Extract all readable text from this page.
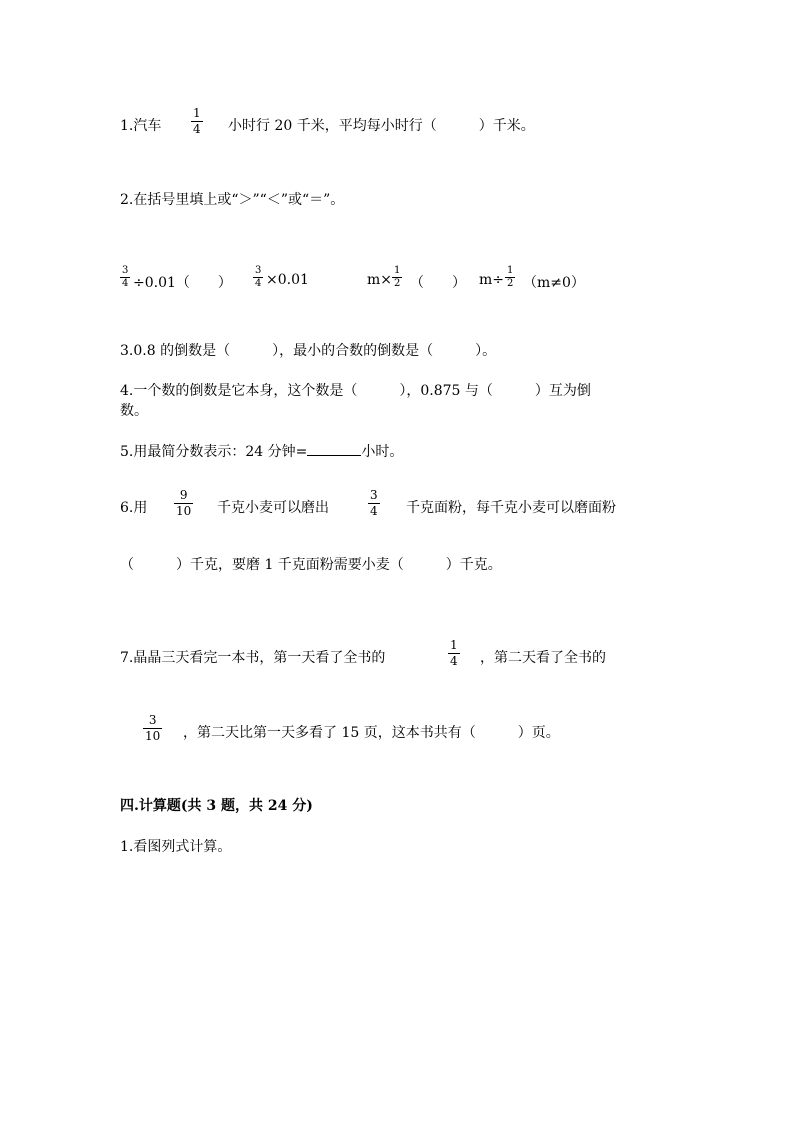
1.汽车
1
4 小时行 20 千米，平均每小时行（　　　）千米。
2.在括号里填上或“＞”“＜”或“＝”。
3
4 ÷0.01（　　）
3
4 ×0.01	m×
1
2 （　　） m÷
1
2 （m≠0）
3.0.8 的倒数是（　　　），最小的合数的倒数是（　　　）。
4.一个数的倒数是它本身，这个数是（　　　），0.875 与（　　　）互为倒
数。
5.用最简分数表示：24 分钟=	小时。
6.用
9
10 千克小麦可以磨出
3
4 千克面粉，每千克小麦可以磨面粉
（　　　）千克，要磨 1 千克面粉需要小麦（　　　）千克。
7.晶晶三天看完一本书，第一天看了全书的
1
4 ，第二天看了全书的
3
10 ，第二天比第一天多看了 15 页，这本书共有（　　　）页。
四.计算题(共 3 题，共 24 分)
1.看图列式计算。
